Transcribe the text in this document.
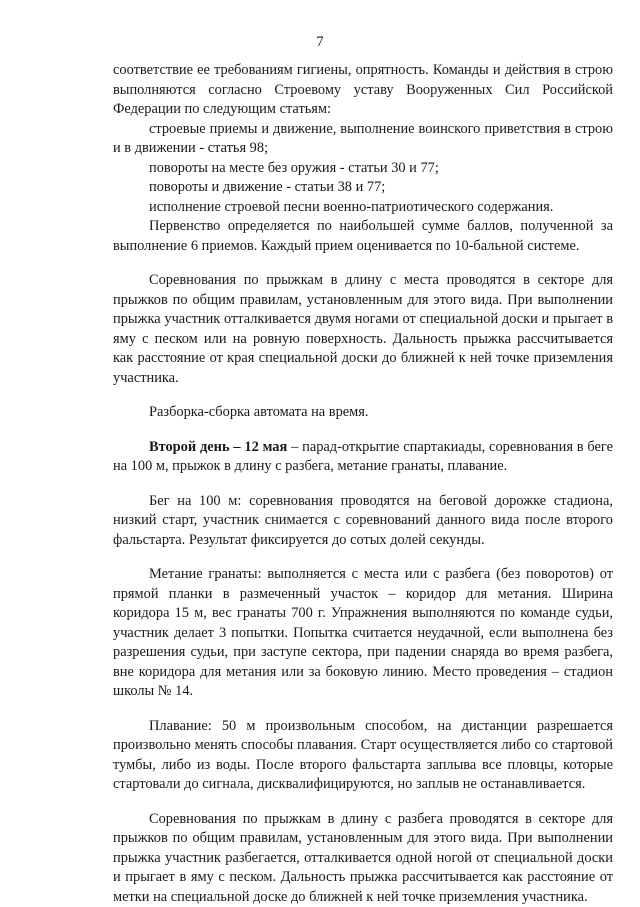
7

соответствие ее требованиям гигиены, опрятность. Команды и действия в строю выполняются согласно Строевому уставу Вооруженных Сил Российской Федерации по следующим статьям:

строевые приемы и движение, выполнение воинского приветствия в строю и в движении - статья 98;

повороты на месте без оружия - статьи 30 и 77;

повороты и движение - статьи 38 и 77;

исполнение строевой песни военно-патриотического содержания.

Первенство определяется по наибольшей сумме баллов, полученной за выполнение 6 приемов. Каждый прием оценивается по 10-бальной системе.

Соревнования по прыжкам в длину с места проводятся в секторе для прыжков по общим правилам, установленным для этого вида. При выполнении прыжка участник отталкивается двумя ногами от специальной доски и прыгает в яму с песком или на ровную поверхность. Дальность прыжка рассчитывается как расстояние от края специальной доски до ближней к ней точке приземления участника.

Разборка-сборка автомата на время.

Второй день – 12 мая – парад-открытие спартакиады, соревнования в беге на 100 м, прыжок в длину с разбега, метание гранаты, плавание.

Бег на 100 м: соревнования проводятся на беговой дорожке стадиона, низкий старт, участник снимается с соревнований данного вида после второго фальстарта. Результат фиксируется до сотых долей секунды.

Метание гранаты: выполняется с места или с разбега (без поворотов) от прямой планки в размеченный участок – коридор для метания. Ширина коридора 15 м, вес гранаты 700 г. Упражнения выполняются по команде судьи, участник делает 3 попытки. Попытка считается неудачной, если выполнена без разрешения судьи, при заступе сектора, при падении снаряда во время разбега, вне коридора для метания или за боковую линию. Место проведения – стадион школы № 14.

Плавание: 50 м произвольным способом, на дистанции разрешается произвольно менять способы плавания. Старт осуществляется либо со стартовой тумбы, либо из воды. После второго фальстарта заплыва все пловцы, которые стартовали до сигнала, дисквалифицируются, но заплыв не останавливается.

Соревнования по прыжкам в длину с разбега проводятся в секторе для прыжков по общим правилам, установленным для этого вида. При выполнении прыжка участник разбегается, отталкивается одной ногой от специальной доски и прыгает в яму с песком. Дальность прыжка рассчитывается как расстояние от метки на специальной доске до ближней к ней точке приземления участника.
